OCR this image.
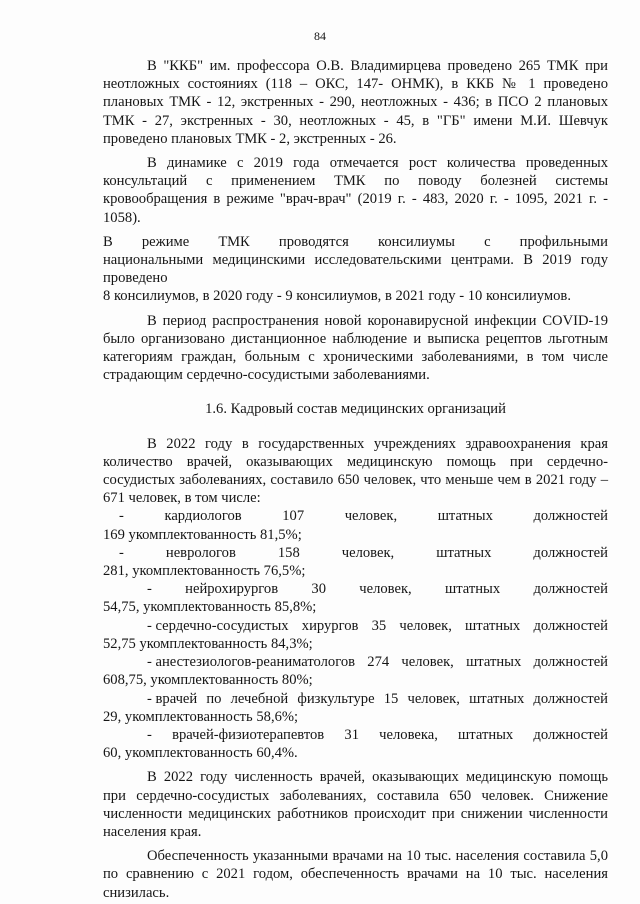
84

В "ККБ" им. профессора О.В. Владимирцева проведено 265 ТМК при неотложных состояниях (118 – ОКС, 147- ОНМК), в ККБ № 1 проведено плановых ТМК - 12, экстренных - 290, неотложных - 436; в ПСО 2 плановых ТМК - 27, экстренных - 30, неотложных - 45, в "ГБ" имени М.И. Шевчук проведено плановых ТМК - 2, экстренных - 26.

В динамике с 2019 года отмечается рост количества проведенных консультаций с применением ТМК по поводу болезней системы кровообращения в режиме "врач-врач" (2019 г. - 483, 2020 г. - 1095, 2021 г. - 1058).

В режиме ТМК проводятся консилиумы с профильными

национальными медицинскими исследовательскими центрами. В 2019 году проведено

8 консилиумов, в 2020 году - 9 консилиумов, в 2021 году - 10 консилиумов.

В период распространения новой коронавирусной инфекции COVID-19 было организовано дистанционное наблюдение и выписка рецептов льготным категориям граждан, больным с хроническими заболеваниями, в том числе страдающим сердечно-сосудистыми заболеваниями.

1.6. Кадровый состав медицинских организаций

В 2022 году в государственных учреждениях здравоохранения края количество врачей, оказывающих медицинскую помощь при сердечно-сосудистых заболеваниях, составило 650 человек, что меньше чем в 2021 году – 671 человек, в том числе:

-	кардиологов	107	человек,	штатных	должностей

169 укомплектованность 81,5%;

-	неврологов	158	человек,	штатных	должностей

281, укомплектованность 76,5%;

- нейрохирургов 30 человек, штатных должностей

54,75, укомплектованность 85,8%;

- сердечно-сосудистых хирургов 35 человек, штатных должностей

52,75 укомплектованность 84,3%;

- анестезиологов-реаниматологов 274 человек, штатных должностей

608,75, укомплектованность 80%;

- врачей по лечебной физкультуре 15 человек, штатных должностей

29, укомплектованность 58,6%;

- врачей-физиотерапевтов 31 человека, штатных должностей

60, укомплектованность 60,4%.

В 2022 году численность врачей, оказывающих медицинскую помощь при сердечно-сосудистых заболеваниях, составила 650 человек. Снижение численности медицинских работников происходит при снижении численности населения края.

Обеспеченность указанными врачами на 10 тыс. населения составила 5,0 по сравнению с 2021 годом, обеспеченность врачами на 10 тыс. населения снизилась.
